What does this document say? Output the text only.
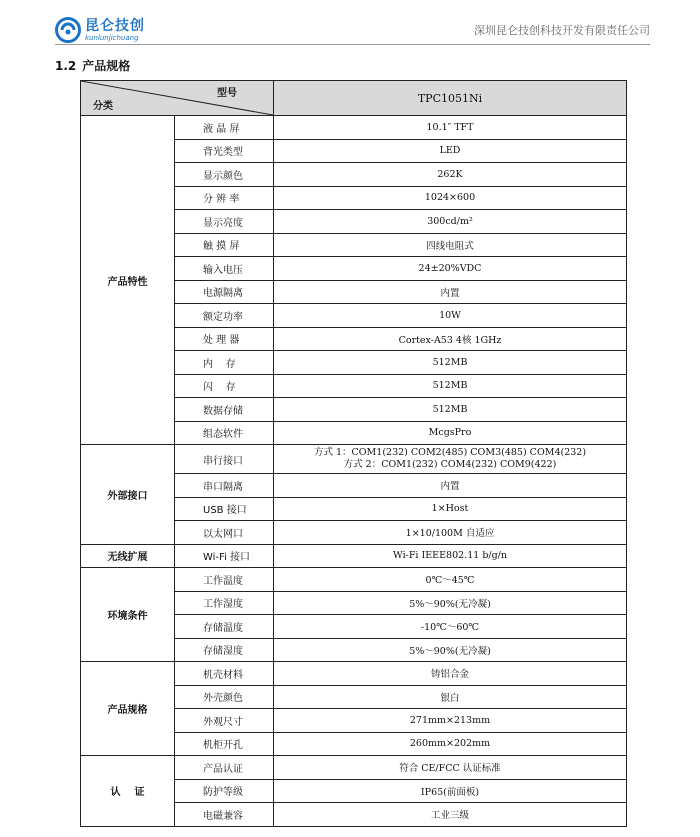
昆仑技创
kunlunjichuang
深圳昆仑技创科技开发有限责任公司
1.2 产品规格
型号
分类		TPC1051Ni
产品特性	液 晶 屏	10.1″ TFT
	背光类型	LED
	显示颜色	262K
	分 辨 率	1024×600
	显示亮度	300cd/m²
	触 摸 屏	四线电阻式
	输入电压	24±20%VDC
	电源隔离	内置
	额定功率	10W
	处 理 器	Cortex-A53 4核 1GHz
	内    存	512MB
	闪    存	512MB
	数据存储	512MB
	组态软件	McgsPro
外部接口	串行接口	方式 1：COM1(232) COM2(485) COM3(485) COM4(232)
方式 2：COM1(232) COM4(232) COM9(422)

	串口隔离	内置
	USB 接口	1×Host
	以太网口	1×10/100M 自适应
无线扩展	Wi-Fi 接口	Wi-Fi IEEE802.11 b/g/n
环境条件	工作温度	0℃～45℃
	工作湿度	5%～90%(无冷凝)
	存储温度	-10℃～60℃
	存储湿度	5%～90%(无冷凝)
产品规格	机壳材料	铸铝合金
	外壳颜色	银白
	外观尺寸	271mm×213mm
	机柜开孔	260mm×202mm
认    证	产品认证	符合 CE/FCC 认证标准
	防护等级	IP65(前面板)
	电磁兼容	工业三级
